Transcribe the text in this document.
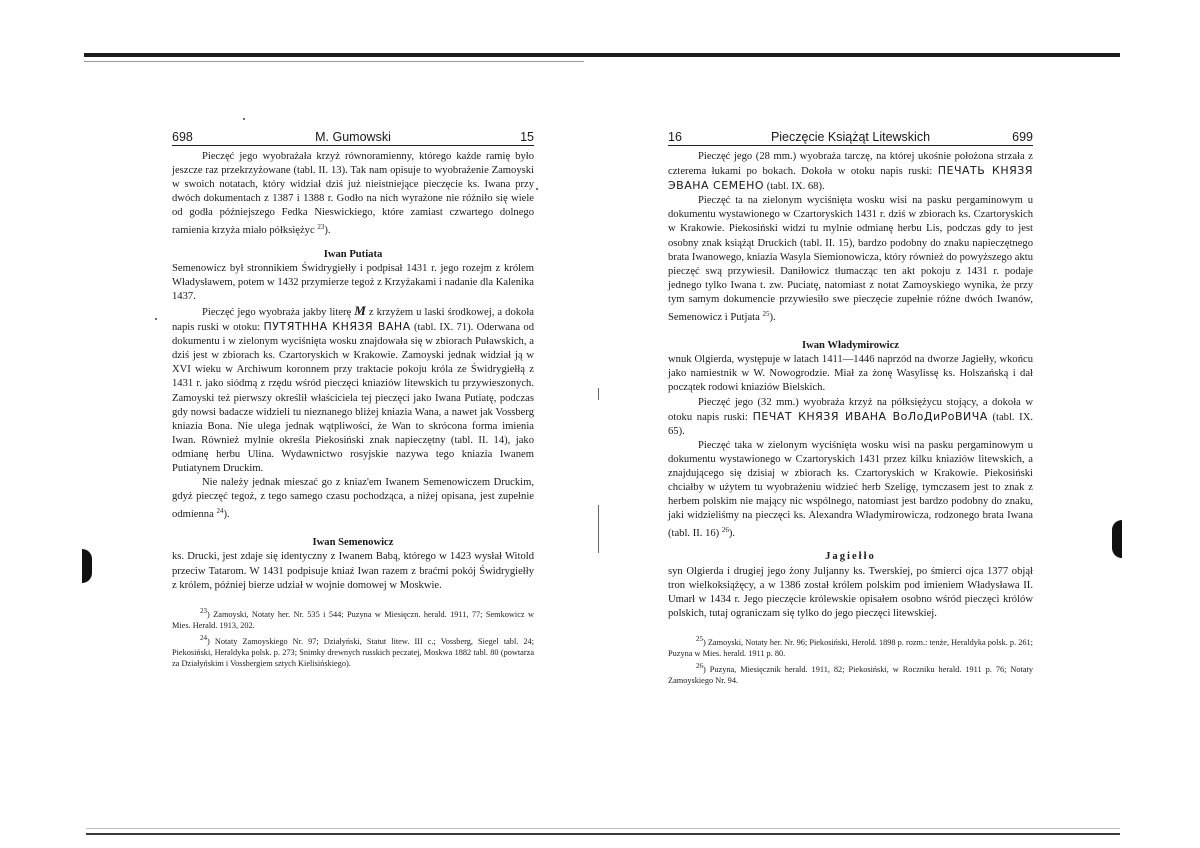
698	M. Gumowski	15

Pieczęć jego wyobrażała krzyż równoramienny, którego każde ramię było jeszcze raz przekrzyżowane (tabl. II. 13). Tak nam opisuje to wyobrażenie Zamoyski w swoich notatach, który widział dziś już nieistniejące pieczęcie ks. Iwana przy dwóch dokumentach z 1387 i 1388 r. Godło na nich wyrażone nie różniło się wiele od godła późniejszego Fedka Nieswickiego, które zamiast czwartego dolnego ramienia krzyża miało półksiężyc $^{23}$).

Iwan Putiata

Semenowicz był stronnikiem Świdrygiełły i podpisał 1431 r. jego rozejm z królem Władysławem, potem w 1432 przymierze tegoż z Krzyżakami i nadanie dla Kalenika 1437.

Pieczęć jego wyobraża jakby literę M z krzyżem u laski środkowej, a dokoła napis ruski w otoku: ПУТЯТННА КНЯЗЯ ВАНА (tabl. IX. 71). Oderwana od dokumentu i w zielonym wyciśnięta wosku znajdowała się w zbiorach Puławskich, a dziś jest w zbiorach ks. Czartoryskich w Krakowie. Zamoyski jednak widział ją w XVI wieku w Archiwum koronnem przy traktacie pokoju króla ze Świdrygiełłą z 1431 r. jako siódmą z rzędu wśród pieczęci kniaziów litewskich tu przywieszonych. Zamoyski też pierwszy określił właściciela tej pieczęci jako Iwana Putiatę, podczas gdy nowsi badacze widzieli tu nieznanego bliżej kniazia Wana, a nawet jak Vossberg kniazia Bona. Nie ulega jednak wątpliwości, że Wan to skrócona forma imienia Iwan. Również mylnie określa Piekosiński znak napieczętny (tabl. II. 14), jako odmianę herbu Ulina. Wydawnictwo rosyjskie nazywa tego kniazia Iwanem Putiatynem Druckim.

Nie należy jednak mieszać go z kniaz'em Iwanem Semenowiczem Druckim, gdyż pieczęć tegoż, z tego samego czasu pochodząca, a niżej opisana, jest zupełnie odmienna $^{24}$).

Iwan Semenowicz

ks. Drucki, jest zdaje się identyczny z Iwanem Babą, którego w 1423 wysłał Witold przeciw Tatarom. W 1431 podpisuje kniaź Iwan razem z braćmi pokój Świdrygiełły z królem, później bierze udział w wojnie domowej w Moskwie.

$^{23}$) Zamoyski, Notaty her. Nr. 535 i 544; Puzyna w Miesięczn. herald. 1911, 77; Semkowicz w Mies. Herald. 1913, 202.

$^{24}$) Notaty Zamoyskiego Nr. 97; Działyński, Statut litew. III c.; Vossberg, Siegel tabl. 24; Piekosiński, Heraldyka polsk. p. 273; Snimky drewnych russkich peczatej, Moskwa 1882 tabl. 80 (powtarza za Działyńskim i Vossbergiem sztych Kielisińskiego).

16	Pieczęcie Książąt Litewskich	699

Pieczęć jego (28 mm.) wyobraża tarczę, na której ukośnie położona strzała z czterema łukami po bokach. Dokoła w otoku napis ruski: ПЕЧАТЬ КНЯЗЯ ЭВАНА СЕМЕНО (tabl. IX. 68).

Pieczęć ta na zielonym wyciśnięta wosku wisi na pasku pergaminowym u dokumentu wystawionego w Czartoryskich 1431 r. dziś w zbiorach ks. Czartoryskich w Krakowie. Piekosiński widzi tu mylnie odmianę herbu Lis, podczas gdy to jest osobny znak książąt Druckich (tabl. II. 15), bardzo podobny do znaku napieczętnego brata Iwanowego, kniazia Wasyla Siemionowicza, który również do powyższego aktu pieczęć swą przywiesił. Daniłowicz tłumacząc ten akt pokoju z 1431 r. podaje jednego tylko Iwana t. zw. Puciatę, natomiast z notat Zamoyskiego wynika, że przy tym samym dokumencie przywiesiło swe pieczęcie zupełnie różne dwóch Iwanów, Semenowicz i Putjata $^{25}$).

Iwan Władymirowicz

wnuk Olgierda, występuje w latach 1411—1446 naprzód na dworze Jagiełły, wkońcu jako namiestnik w W. Nowogrodzie. Miał za żonę Wasylissę ks. Holszańską i dał początek rodowi kniaziów Bielskich.

Pieczęć jego (32 mm.) wyobraża krzyż na półksiężycu stojący, a dokoła w otoku napis ruski: ПЕЧАТ КНЯЗЯ ИВАНА ВоЛоДиРоВИЧА (tabl. IX. 65).

Pieczęć taka w zielonym wyciśnięta wosku wisi na pasku pergaminowym u dokumentu wystawionego w Czartoryskich 1431 przez kilku kniaziów litewskich, a znajdującego się dzisiaj w zbiorach ks. Czartoryskich w Krakowie. Piekosiński chciałby w użytem tu wyobrażeniu widzieć herb Szeligę, tymczasem jest to znak z herbem polskim nie mający nic wspólnego, natomiast jest bardzo podobny do znaku, jaki widzieliśmy na pieczęci ks. Alexandra Władymirowicza, rodzonego brata Iwana (tabl. II. 16) $^{26}$).

Jagiełło

syn Olgierda i drugiej jego żony Juljanny ks. Twerskiej, po śmierci ojca 1377 objął tron wielkoksiążęcy, a w 1386 został królem polskim pod imieniem Władysława II. Umarł w 1434 r. Jego pieczęcie królewskie opisałem osobno wśród pieczęci królów polskich, tutaj ograniczam się tylko do jego pieczęci litewskiej.

$^{25}$) Zamoyski, Notaty her. Nr. 96; Piekosiński, Herold. 1898 p. rozm.: tenże, Heraldyka polsk. p. 261; Puzyna w Mies. herald. 1911 p. 80.

$^{26}$) Puzyna, Miesięcznik herald. 1911, 82; Piekosiński, w Roczniku herald. 1911 p. 76; Notaty Zamoyskiego Nr. 94.
